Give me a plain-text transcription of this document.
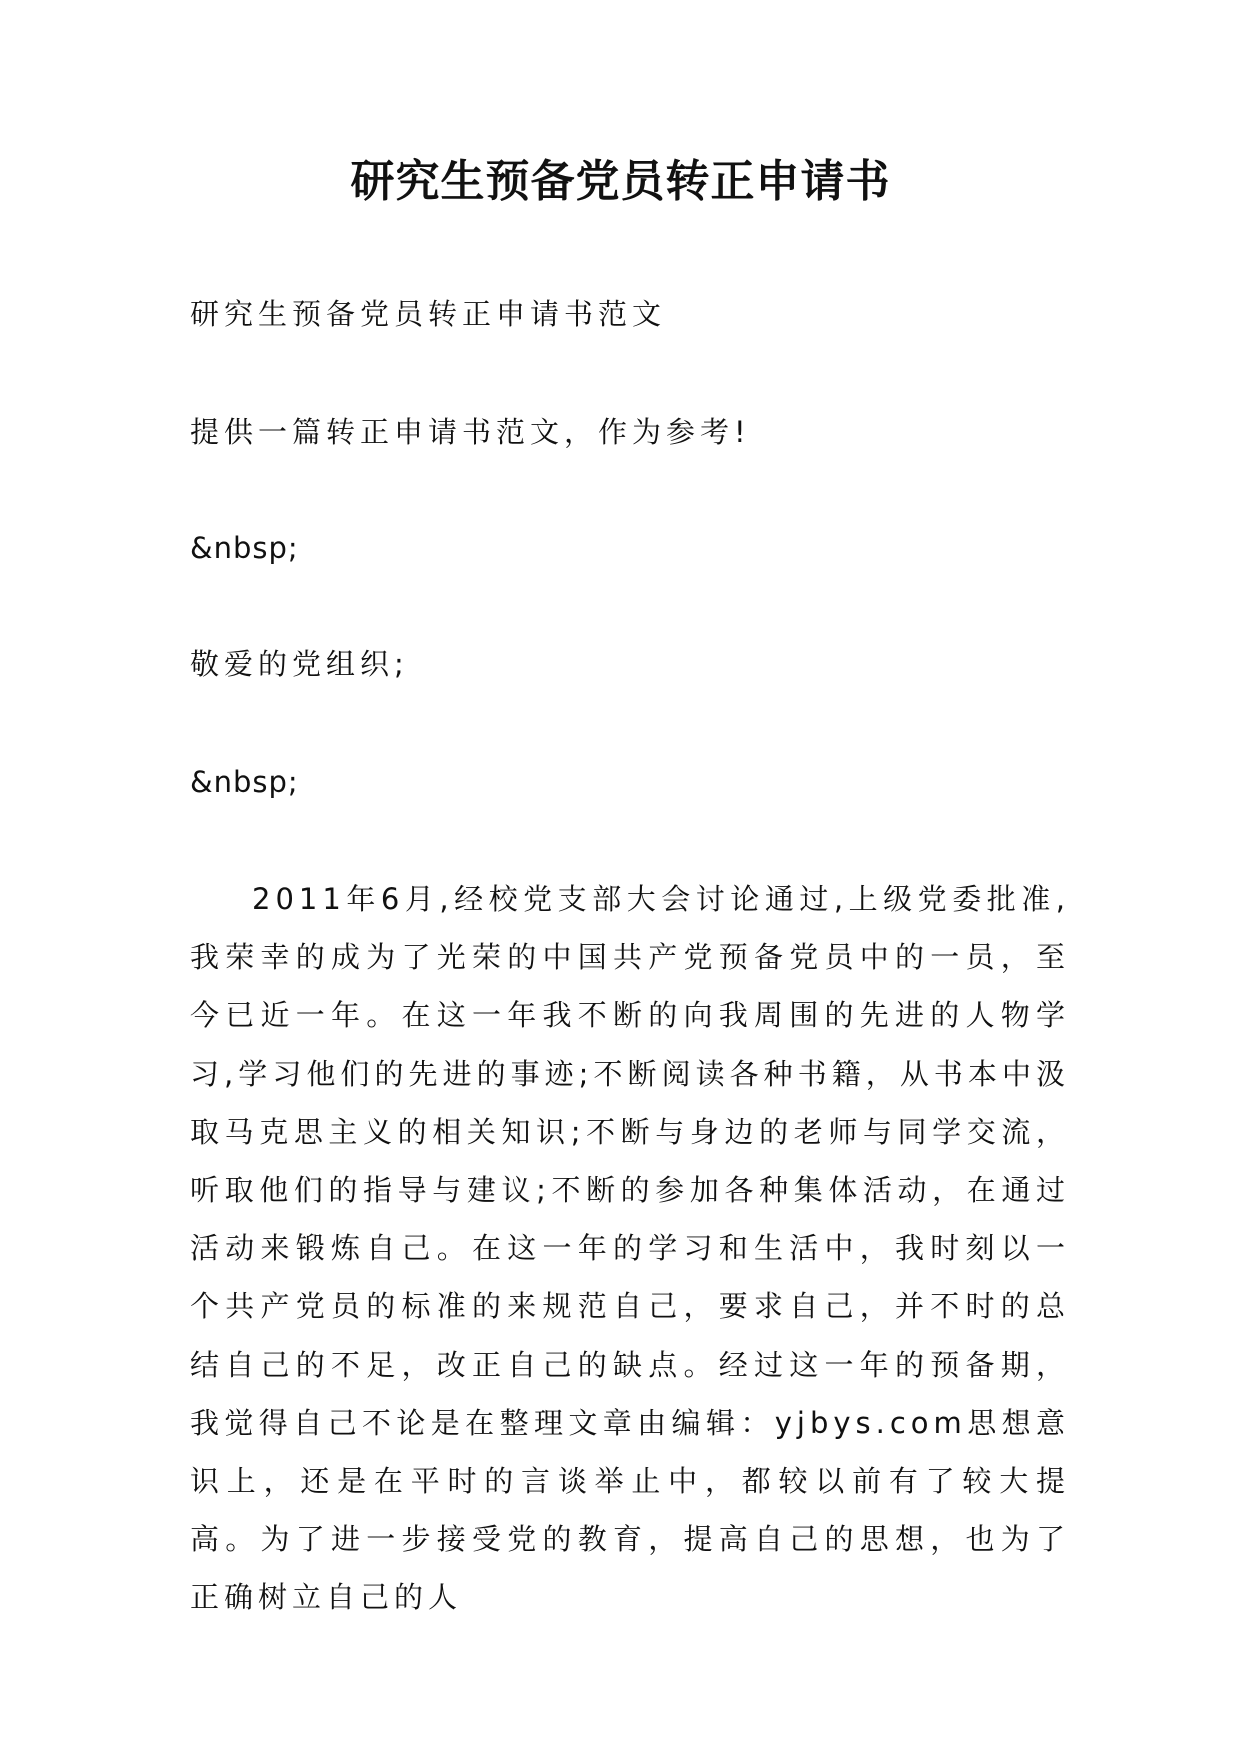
研究生预备党员转正申请书

研究生预备党员转正申请书范文

提供一篇转正申请书范文，作为参考!

&nbsp;

敬爱的党组织;

&nbsp;

2011年6月,经校党支部大会讨论通过,上级党委批准,我荣幸的成为了光荣的中国共产党预备党员中的一员，至今已近一年。在这一年我不断的向我周围的先进的人物学习,学习他们的先进的事迹;不断阅读各种书籍，从书本中汲取马克思主义的相关知识;不断与身边的老师与同学交流，听取他们的指导与建议;不断的参加各种集体活动，在通过活动来锻炼自己。在这一年的学习和生活中，我时刻以一个共产党员的标准的来规范自己，要求自己，并不时的总结自己的不足，改正自己的缺点。经过这一年的预备期，我觉得自己不论是在整理文章由编辑：yjbys.com思想意识上，还是在平时的言谈举止中，都较以前有了较大提高。为了进一步接受党的教育，提高自己的思想，也为了正确树立自己的人
